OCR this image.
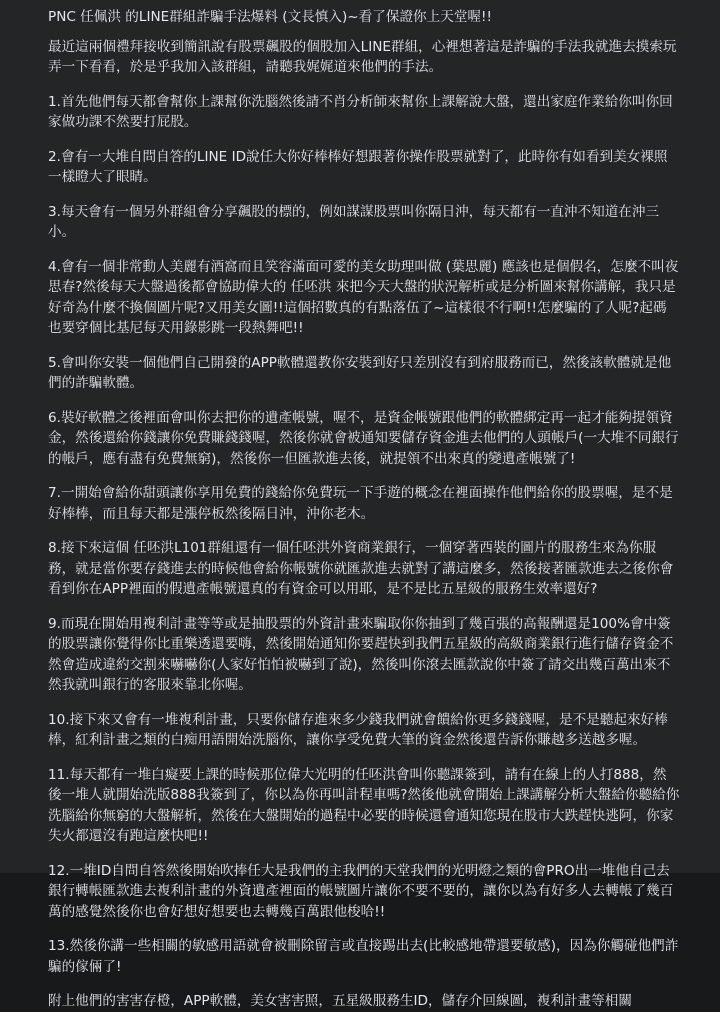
PNC 任佩洪 的LINE群組詐騙手法爆料 (文長慎入)~看了保證你上天堂喔!!
最近這兩個禮拜接收到簡訊說有股票飆股的個股加入LINE群組，心裡想著這是詐騙的手法我就進去摸索玩弄一下看看，於是乎我加入該群組，請聽我娓娓道來他們的手法。
1.首先他們每天都會幫你上課幫你洗腦然後請不肖分析師來幫你上課解說大盤，還出家庭作業給你叫你回家做功課不然要打屁股。
2.會有一大堆自問自答的LINE ID說任大你好棒棒好想跟著你操作股票就對了，此時你有如看到美女裸照一樣瞪大了眼睛。
3.每天會有一個另外群組會分享飆股的標的，例如謀謀股票叫你隔日沖，每天都有一直沖不知道在沖三小。
4.會有一個非常動人美麗有酒窩而且笑容滿面可愛的美女助理叫做 (葉思麗) 應該也是個假名，怎麼不叫夜思春?然後每天大盤過後都會協助偉大的 任呸洪 來把今天大盤的狀況解析或是分析圖來幫你講解，我只是好奇為什麼不換個圖片呢?又用美女圖!!這個招數真的有點落伍了~這樣很不行啊!!怎麼騙的了人呢?起碼也要穿個比基尼每天用錄影跳一段熱舞吧!!
5.會叫你安裝一個他們自己開發的APP軟體還教你安裝到好只差別沒有到府服務而已，然後該軟體就是他們的詐騙軟體。
6.裝好軟體之後裡面會叫你去把你的遺產帳號，喔不，是資金帳號跟他們的軟體綁定再一起才能夠提領資金，然後還給你錢讓你免費賺錢錢喔，然後你就會被通知要儲存資金進去他們的人頭帳戶(一大堆不同銀行的帳戶，應有盡有免費無窮)，然後你一但匯款進去後，就提領不出來真的變遺產帳號了!
7.一開始會給你甜頭讓你享用免費的錢給你免費玩一下手遊的概念在裡面操作他們給你的股票喔，是不是好棒棒，而且每天都是漲停板然後隔日沖，沖你老木。
8.接下來這個 任呸洪L101群組還有一個任呸洪外資商業銀行，一個穿著西裝的圖片的服務生來為你服務，就是當你要存錢進去的時候他會給你帳號你就匯款進去就對了講這麼多，然後接著匯款進去之後你會看到你在APP裡面的假遺產帳號還真的有資金可以用耶，是不是比五星級的服務生效率還好?
9.而現在開始用複利計畫等等或是抽股票的外資計畫來騙取你你抽到了幾百張的高報酬還是100%會中簽的股票讓你覺得你比重樂透還要嗨，然後開始通知你要趕快到我們五星級的高級商業銀行進行儲存資金不然會造成違約交割來嚇嚇你(人家好怕怕被嚇到了說)，然後叫你滾去匯款說你中簽了請交出幾百萬出來不然我就叫銀行的客服來靠北你喔。
10.接下來又會有一堆複利計畫，只要你儲存進來多少錢我們就會饋給你更多錢錢喔，是不是聽起來好棒棒，紅利計畫之類的白痴用語開始洗腦你，讓你享受免費大筆的資金然後還告訴你賺越多送越多喔。
11.每天都有一堆白癡要上課的時候那位偉大光明的任呸洪會叫你聽課簽到，請有在線上的人打888，然後一堆人就開始洗版888我簽到了，你以為你再叫計程車嗎?然後他就會開始上課講解分析大盤給你聽給你洗腦給你無窮的大盤解析，然後在大盤開始的過程中必要的時候還會通知您現在股市大跌趕快逃阿，你家失火都還沒有跑這麼快吧!!
12.一堆ID自問自答然後開始吹捧任大是我們的主我們的天堂我們的光明燈之類的會PRO出一堆他自己去銀行轉帳匯款進去複利計畫的外資遺產裡面的帳號圖片讓你不要不要的，讓你以為有好多人去轉帳了幾百萬的感覺然後你也會好想好想要也去轉幾百萬跟他梭哈!!
13.然後你講一些相關的敏感用語就會被刪除留言或直接踢出去(比較感地帶還要敏感)，因為你觸碰他們詐騙的傢倆了!
附上他們的害害存橙，APP軟體，美女害害照，五星級服務生ID，儲存介回線圖，複利計畫等相關
